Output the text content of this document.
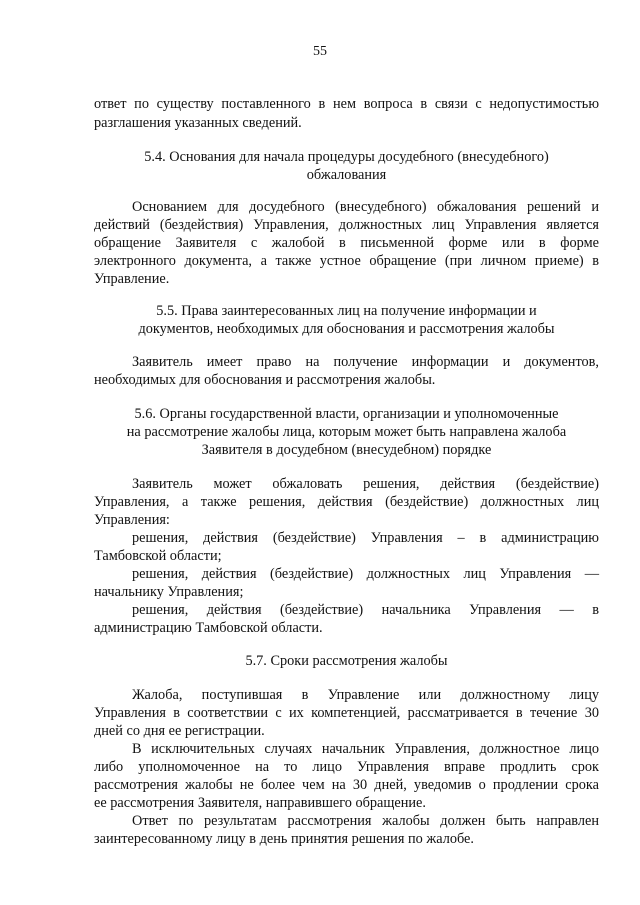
55
ответ по существу поставленного в нем вопроса в связи с недопустимостью
разглашения указанных сведений.
5.4. Основания для начала процедуры досудебного (внесудебного)
обжалования
Основанием для досудебного (внесудебного) обжалования решений и
действий (бездействия) Управления, должностных лиц Управления является
обращение Заявителя с жалобой в письменной форме или в форме
электронного документа, а также устное обращение (при личном приеме) в
Управление.
5.5. Права заинтересованных лиц на получение информации и
документов, необходимых для обоснования и рассмотрения жалобы
Заявитель имеет право на получение информации и документов,
необходимых для обоснования и рассмотрения жалобы.
5.6. Органы государственной власти, организации и уполномоченные
на рассмотрение жалобы лица, которым может быть направлена жалоба
Заявителя в досудебном (внесудебном) порядке
Заявитель может обжаловать решения, действия (бездействие)
Управления, а также решения, действия (бездействие) должностных лиц
Управления:
решения, действия (бездействие) Управления – в администрацию
Тамбовской области;
решения, действия (бездействие) должностных лиц Управления —
начальнику Управления;
решения, действия (бездействие) начальника Управления — в
администрацию Тамбовской области.
5.7. Сроки рассмотрения жалобы
Жалоба, поступившая в Управление или должностному лицу
Управления в соответствии с их компетенцией, рассматривается в течение 30
дней со дня ее регистрации.
В исключительных случаях начальник Управления, должностное лицо
либо уполномоченное на то лицо Управления вправе продлить срок
рассмотрения жалобы не более чем на 30 дней, уведомив о продлении срока
ее рассмотрения Заявителя, направившего обращение.
Ответ по результатам рассмотрения жалобы должен быть направлен
заинтересованному лицу в день принятия решения по жалобе.
